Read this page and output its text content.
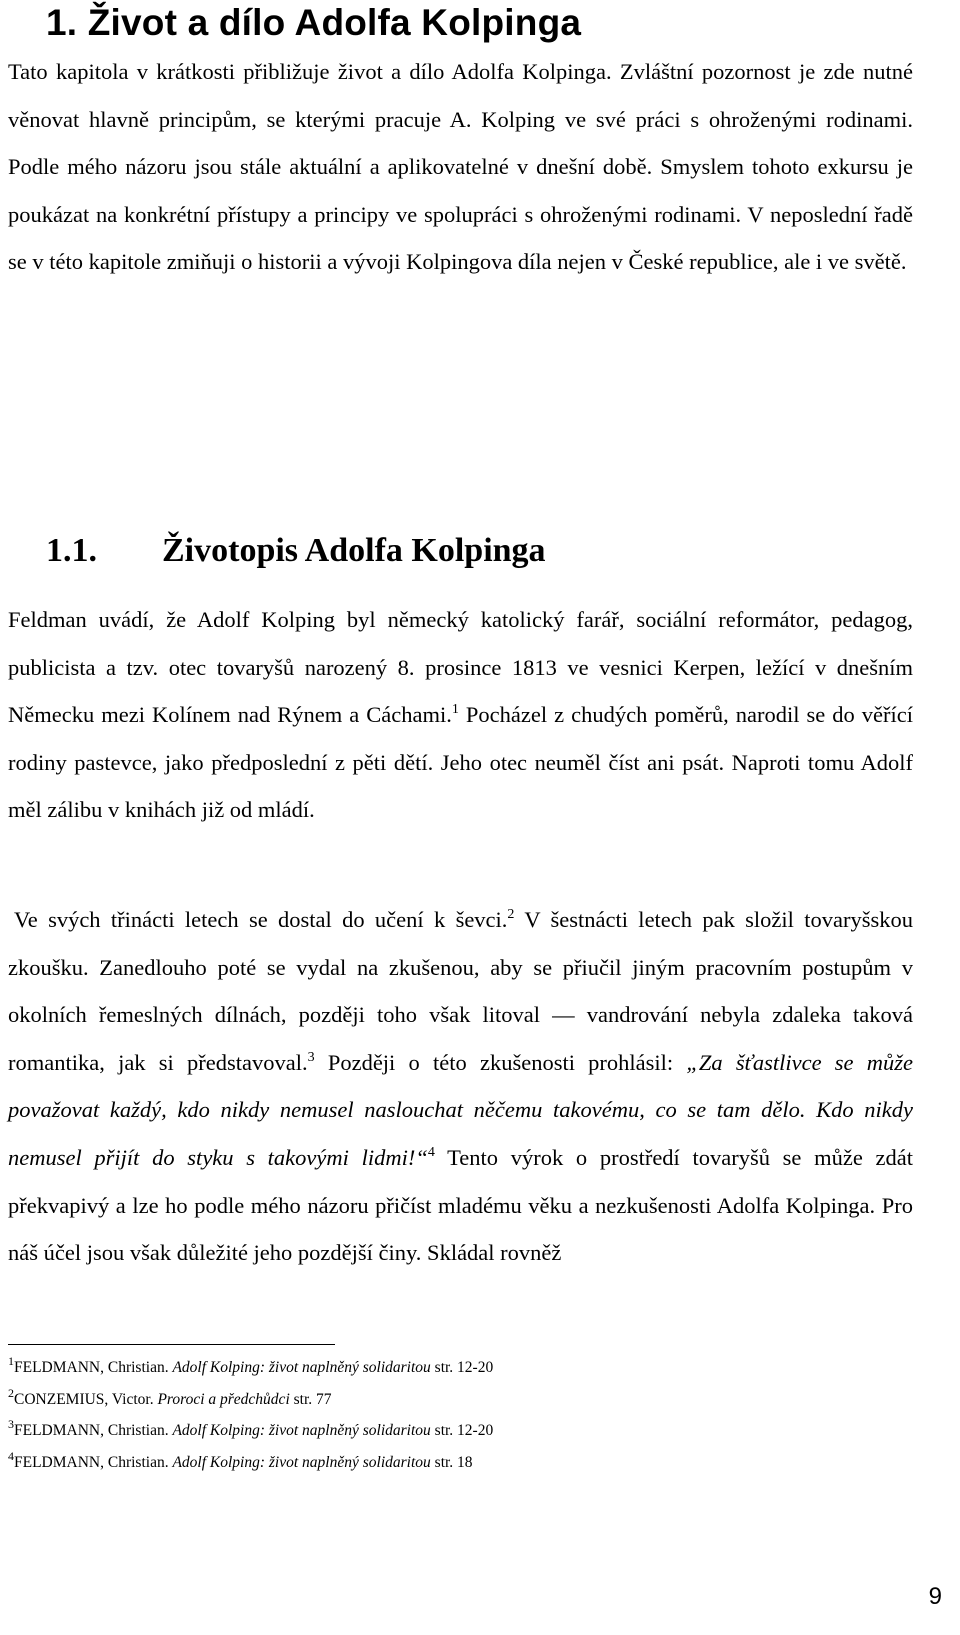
1. Život a dílo Adolfa Kolpinga

Tato kapitola v krátkosti přibližuje život a dílo Adolfa Kolpinga. Zvláštní pozornost je zde nutné věnovat hlavně principům, se kterými pracuje A. Kolping ve své práci s ohroženými rodinami. Podle mého názoru jsou stále aktuální a aplikovatelné v dnešní době. Smyslem tohoto exkursu je poukázat na konkrétní přístupy a principy ve spolupráci s ohroženými rodinami. V neposlední řadě se v této kapitole zmiňuji o historii a vývoji Kolpingova díla nejen v České republice, ale i ve světě.

1.1. Životopis Adolfa Kolpinga

Feldman uvádí, že Adolf Kolping byl německý katolický farář, sociální reformátor, pedagog, publicista a tzv. otec tovaryšů narozený 8. prosince 1813 ve vesnici Kerpen, ležící v dnešním Německu mezi Kolínem nad Rýnem a Cáchami.$^1$ Pocházel z chudých poměrů, narodil se do věřící rodiny pastevce, jako předposlední z pěti dětí. Jeho otec neuměl číst ani psát. Naproti tomu Adolf měl zálibu v knihách již od mládí.

Ve svých třinácti letech se dostal do učení k ševci.$^2$ V šestnácti letech pak složil tovaryšskou zkoušku. Zanedlouho poté se vydal na zkušenou, aby se přiučil jiným pracovním postupům v okolních řemeslných dílnách, později toho však litoval — vandrování nebyla zdaleka taková romantika, jak si představoval.$^3$ Později o této zkušenosti prohlásil: „Za šťastlivce se může považovat každý, kdo nikdy nemusel naslouchat něčemu takovému, co se tam dělo. Kdo nikdy nemusel přijít do styku s takovými lidmi!“$^4$ Tento výrok o prostředí tovaryšů se může zdát překvapivý a lze ho podle mého názoru přičíst mladému věku a nezkušenosti Adolfa Kolpinga. Pro náš účel jsou však důležité jeho pozdější činy. Skládal rovněž

$^1$FELDMANN, Christian. Adolf Kolping: život naplněný solidaritou str. 12-20
$^2$CONZEMIUS, Victor. Proroci a předchůdci str. 77
$^3$FELDMANN, Christian. Adolf Kolping: život naplněný solidaritou str. 12-20
$^4$FELDMANN, Christian. Adolf Kolping: život naplněný solidaritou str. 18
9
